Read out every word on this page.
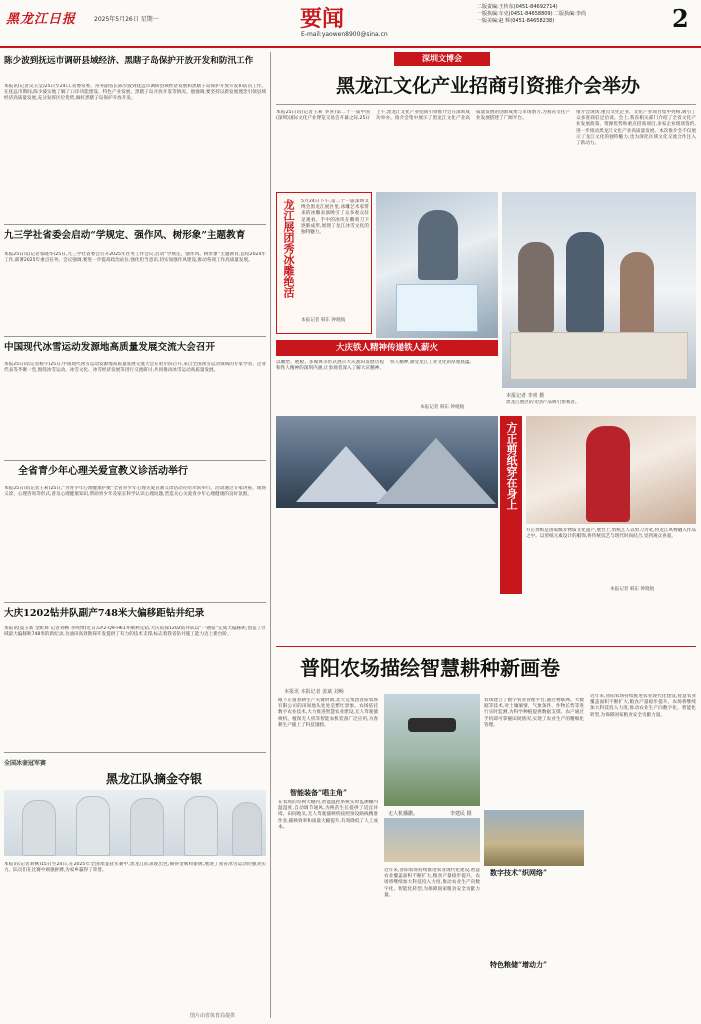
黑龙江日报	2025年5月26日 星期一	要闻
E-mail:yaowen8900@sina.cn
二版责编:王传东(0451-84692714)
一版执编:车克(0451-84658809) 二版执编:李尚
一版美编:赵 辉(0451-84658238)	2
陈少波到抚远市调研县域经济、黑瞎子岛保护开放开发和防汛工作
本报讯(记者吴玉莹)25日至24日,省委常委、常务副省长陈少波到抚远市调研县域经济发展和黑瞎子岛保护开放开发和防汛工作。在抚远市期间,陈少波实地了解了口岸功能建设、特色产业发展、黑瞎子岛开放开发等情况。他强调,要坚持以新发展理念引领县域经济高质量发展,充分发挥区位优势,做好黑瞎子岛保护开放开发。
九三学社省委会启动“学规定、强作风、树形象”主题教育
本报25日讯(记者邹晓华)25日,九三学社省委会召开2025年社务工作会议,启动“学规定、强作风、树形象”主题教育,总结2024年工作,部署2025年重点任务。会议强调,要进一步提高政治站位,强化担当意识,切实加强作风建设,推动各项工作高质量发展。
中国现代冰雪运动发源地高质量发展交流大会召开
本报25日讯(记者杨宇)25日,中国现代冰雪运动发源地高质量发展交流大会在哈尔滨召开,来自全国冰雪运动领域的专家学者、企业代表等齐聚一堂,围绕冰雪运动、冰雪文化、冰雪经济发展等进行交流研讨,共同推动冰雪运动高质量发展。
全省青少年心理关爱宣教义诊活动举行
本报25日讯(记者王莉)25日,“为青少年心理健康护航”全省青少年心理关爱宣教义诊活动在哈尔滨举行。活动通过专家讲座、现场义诊、心理咨询等形式,普及心理健康知识,帮助青少年及家长科学认识心理问题,营造关心关爱青少年心理健康的良好氛围。
大庆1202钻井队副产748米大偏移距钻井纪录
本报讯(夏玉新 金虹辉 记者刘畅 李鸣博)近日,GY2-Q9-H61井顺利完钻,大庆钻探1202钻井队以“一趟钻”完成大偏移距,创造了区域最大偏移距748米的新纪录,为油田高效勘探开发提供了有力的技术支撑,标志着我省钻井施工能力迈上新台阶。
全国冰壶冠军赛
黑龙江队摘金夺银
本报讯(记者刘畅)15日至24日,在2025年全国冰壶冠军赛中,黑龙江队表现出色,摘得金牌和银牌,展现了我省冰雪运动的强劲实力。队员们在比赛中顽强拼搏,为家乡赢得了荣誉。
图片由省体育局提供
深圳文博会
黑龙江文化产业招商引资推介会举办
本报25日讯(记者王莉 李喜)第二十一届中国(深圳)国际文化产业博览交易会开幕之际,25日上午,黑龙江文化产业招商引资推介会在深圳成功举办。推介会集中展示了黑龙江文化产业高质量发展的创新成果与市场潜力,为我省文化产业发展搭建了广阔平台。
推介会现场,重点文化企业、文化产业项目集中亮相,吸引了众多客商驻足洽谈。会上,我省相关部门介绍了全省文化产业发展政策、资源优势和重点招商项目,多家企业现场签约,进一步推动黑龙江文化产业高质量发展。本次推介会不仅展示了龙江文化的独特魅力,也为深化区域文化交流合作注入了新动力。
龙江展团秀冰雕绝活 5月24日下午,第二十一届深圳文博会黑龙江展区里,冰雕艺术家带来的冰雕表演吸引了众多观众驻足观看。手中的冰块在雕刻刀下逐渐成形,展现了龙江冰雪文化的独特魅力。
本报记者 韩东 钟晓航
本报记者 李喜 摄
黑龙江展区的文创产品吸引参观者。
大庆铁人精神传递铁人薪火
以雕塑、展板、多媒体等形式展示大庆油田发展历程和铁人精神的深刻内涵,让参观者深入了解大庆精神、铁人精神,感受龙江工业文化的厚重底蕴。
本报记者 韩东 钟晓航
方正剪纸穿在身上
方正剪纸是国家级非物质文化遗产,展台上,剪纸艺人以剪刀为笔,将龙江风物融入作品之中。以剪纸元素设计的服饰,将传统技艺与现代时尚结合,受到观众喜爱。
本报记者 韩东 钟晓航
普阳农场描绘智慧耕种新画卷
本报讯 本报记者 姜斌 刘畅
眼下正值春耕生产关键时期,北大荒集团普阳农场有限公司的田间地头处处是繁忙景象。农场依托数字农业技术,大力推进智慧农业建设,无人驾驶插秧机、植保无人机等智能农机装备广泛应用,为春耕生产插上了科技翅膀。
智能装备“唱主角”
在农场的育秧大棚内,智能温控系统实时监测棚内温湿度,自动调节通风,为秧苗生长提供了适宜环境。田间地头,无人驾驶插秧机按照预设路线精准作业,插秧效率和质量大幅提升,有效降低了人工成本。
农场建立了数字农业管理平台,通过物联网、大数据等技术,对土壤墒情、气象条件、作物长势等进行实时监测,为科学种植提供数据支撑。农户通过手机即可掌握田间情况,实现了农业生产的精细化管理。
数字技术“织网络”
无人机播撒。	李建民 摄
近年来,普阳农场持续推进农业现代化建设,智慧农业覆盖面积不断扩大,粮食产量稳步提升。农场将继续加大科技投入力度,推动农业生产向数字化、智能化转型,为保障国家粮食安全贡献力量。
特色粮储“增动力”
近年来,普阳农场持续推进农业现代化建设,智慧农业覆盖面积不断扩大,粮食产量稳步提升。农场将继续加大科技投入力度,推动农业生产向数字化、智能化转型,为保障国家粮食安全贡献力量。
